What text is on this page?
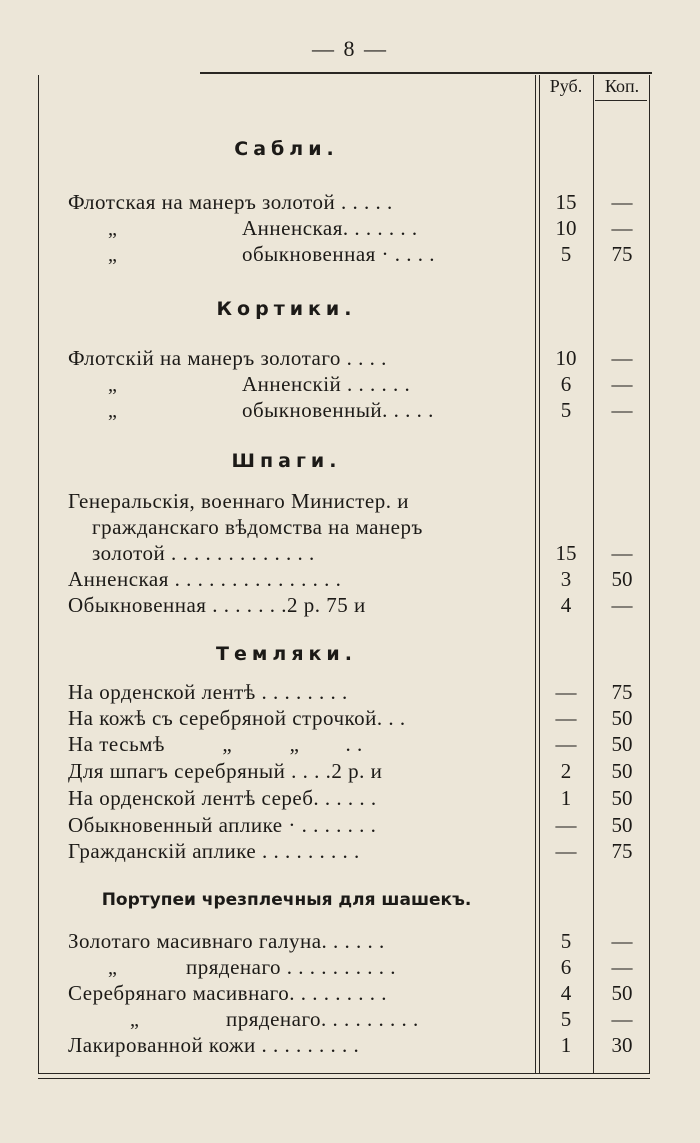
— 8 —
Руб.	Коп.
Сабли.
Флотская на манеръ золотой . . . . .	15	—
„	Анненская. . . . . . .	10	—
„	обыкновенная · . . . .	5	75
Кортики.
Флотскій на манеръ золотаго . . . .	10	—
„	Анненскій . . . . . .	6	—
„	обыкновенный. . . . .	5	—
Шпаги.
Генеральскія, военнаго Министер. и
гражданскаго вѣдомства на манеръ
золотой . . . . . . . . . . . . .	15	—
Анненская . . . . . . . . . . . . . . .	3	50
Обыкновенная . . . . . . .2 р. 75 и	4	—
Темляки.
На орденской лентѣ . . . . . . . .	—	75
На кожѣ съ серебряной строчкой. . .	—	50
На тесьмѣ          „          „        . .	—	50
Для шпагъ серебряный . . . .2 р. и	2	50
На орденской лентѣ сереб. . . . . .	1	50
Обыкновенный аплике · . . . . . . .	—	50
Гражданскій аплике . . . . . . . . .	—	75
Портупеи чрезплечныя для шашекъ.
Золотаго масивнаго галуна. . . . . .	5	—
„	пряденаго . . . . . . . . . .	6	—
Серебрянаго масивнаго. . . . . . . . .	4	50
„	пряденаго. . . . . . . . .	5	—
Лакированной кожи . . . . . . . . .	1	30
